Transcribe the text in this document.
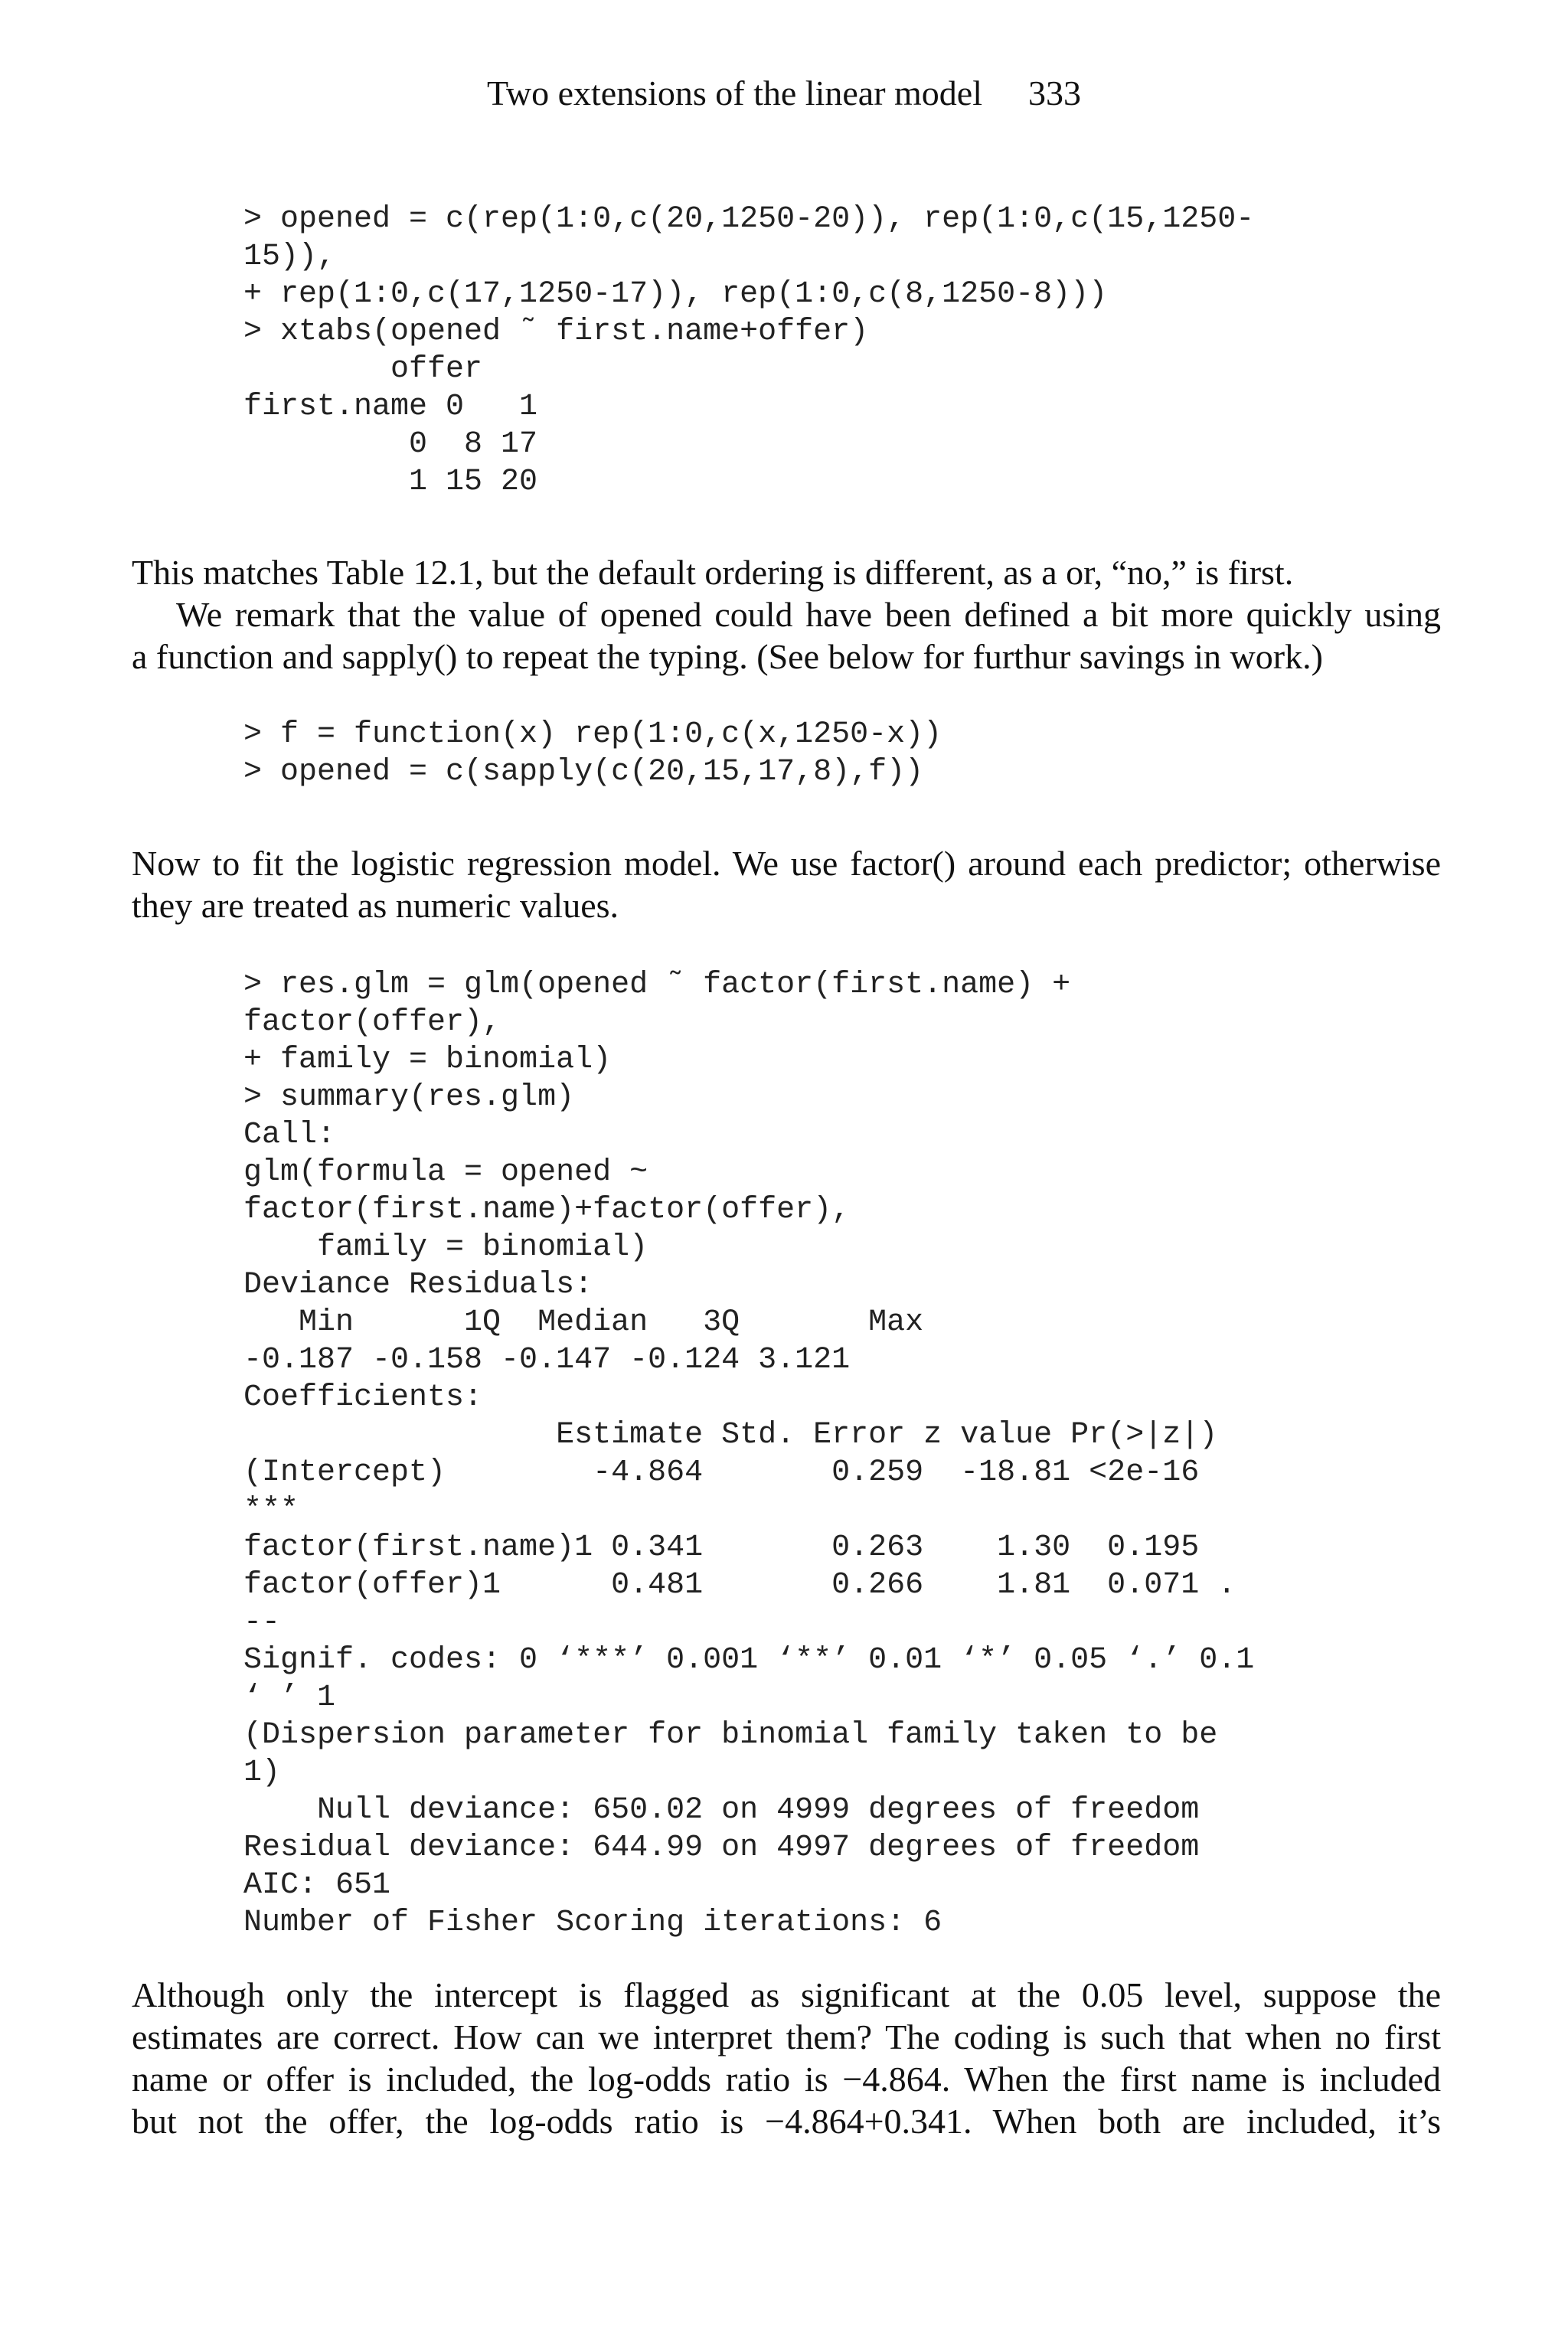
Two extensions of the linear model 333
> opened = c(rep(1:0,c(20,1250-20)), rep(1:0,c(15,1250-
15)),
+ rep(1:0,c(17,1250-17)), rep(1:0,c(8,1250-8)))
> xtabs(opened ˜ first.name+offer)
offer
first.name 0   1
0  8 17
1 15 20

This matches Table 12.1, but the default ordering is different, as a or, “no,” is first.

We remark that the value of opened could have been defined a bit more quickly using

a function and sapply() to repeat the typing. (See below for furthur savings in work.)

> f = function(x) rep(1:0,c(x,1250-x))
> opened = c(sapply(c(20,15,17,8),f))

Now to fit the logistic regression model. We use factor() around each predictor; otherwise

they are treated as numeric values.

> res.glm = glm(opened ˜ factor(first.name) +
factor(offer),
+ family = binomial)
> summary(res.glm)
Call:
glm(formula = opened ~
factor(first.name)+factor(offer),
family = binomial)
Deviance Residuals:
Min      1Q  Median   3Q       Max
-0.187 -0.158 -0.147 -0.124 3.121
Coefficients:
Estimate Std. Error z value Pr(>|z|)
(Intercept)        -4.864       0.259  -18.81 <2e-16
***
factor(first.name)1 0.341       0.263    1.30  0.195
factor(offer)1      0.481       0.266    1.81  0.071 .
--
Signif. codes: 0 ‘***’ 0.001 ‘**’ 0.01 ‘*’ 0.05 ‘.’ 0.1
‘ ’ 1
(Dispersion parameter for binomial family taken to be
1)
Null deviance: 650.02 on 4999 degrees of freedom
Residual deviance: 644.99 on 4997 degrees of freedom
AIC: 651
Number of Fisher Scoring iterations: 6

Although only the intercept is flagged as significant at the 0.05 level, suppose the

estimates are correct. How can we interpret them? The coding is such that when no first

name or offer is included, the log-odds ratio is −4.864. When the first name is included

but not the offer, the log-odds ratio is −4.864+0.341. When both are included, it’s
